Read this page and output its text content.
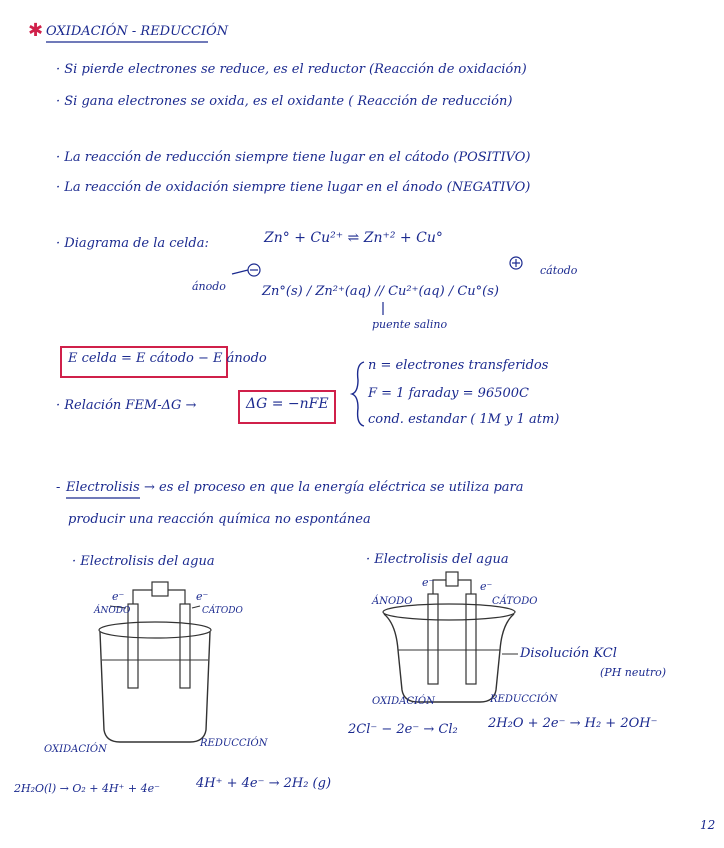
✱ OXIDACIÓN - REDUCCIÓN
· Si pierde electrones se reduce, es el reductor (Reacción de oxidación)
· Si gana electrones se oxida, es el oxidante ( Reacción de reducción)
· La reacción de reducción siempre tiene lugar en el cátodo (POSITIVO)
· La reacción de oxidación siempre tiene lugar en el ánodo (NEGATIVO)
· Diagrama de la celda:	Zn° + Cu²⁺ ⇌ Zn⁺² + Cu°
ánodo
cátodo
Zn°(s) / Zn²⁺(aq) // Cu²⁺(aq) / Cu°(s)
puente salino
E celda = E cátodo − E ánodo
· Relación FEM-ΔG →	ΔG = −nFE
n = electrones transferidos
F = 1 faraday = 96500C
cond. estandar ( 1M y 1 atm)
- Electrolisis → es el proceso en que la energía eléctrica se utiliza para
producir una reacción química no espontánea
· Electrolisis del agua	· Electrolisis del agua
e⁻	e⁻
ÁNODO	CÁTODO
e⁻	e⁻
ÁNODO	CÁTODO
Disolución KCl
(PH neutro)
OXIDACIÓN	REDUCCIÓN
OXIDACIÓN
REDUCCIÓN
2Cl⁻ − 2e⁻ → Cl₂ 2H₂O + 2e⁻ → H₂ + 2OH⁻
2H₂O(l) → O₂ + 4H⁺ + 4e⁻	4H⁺ + 4e⁻ → 2H₂ (g)
12
